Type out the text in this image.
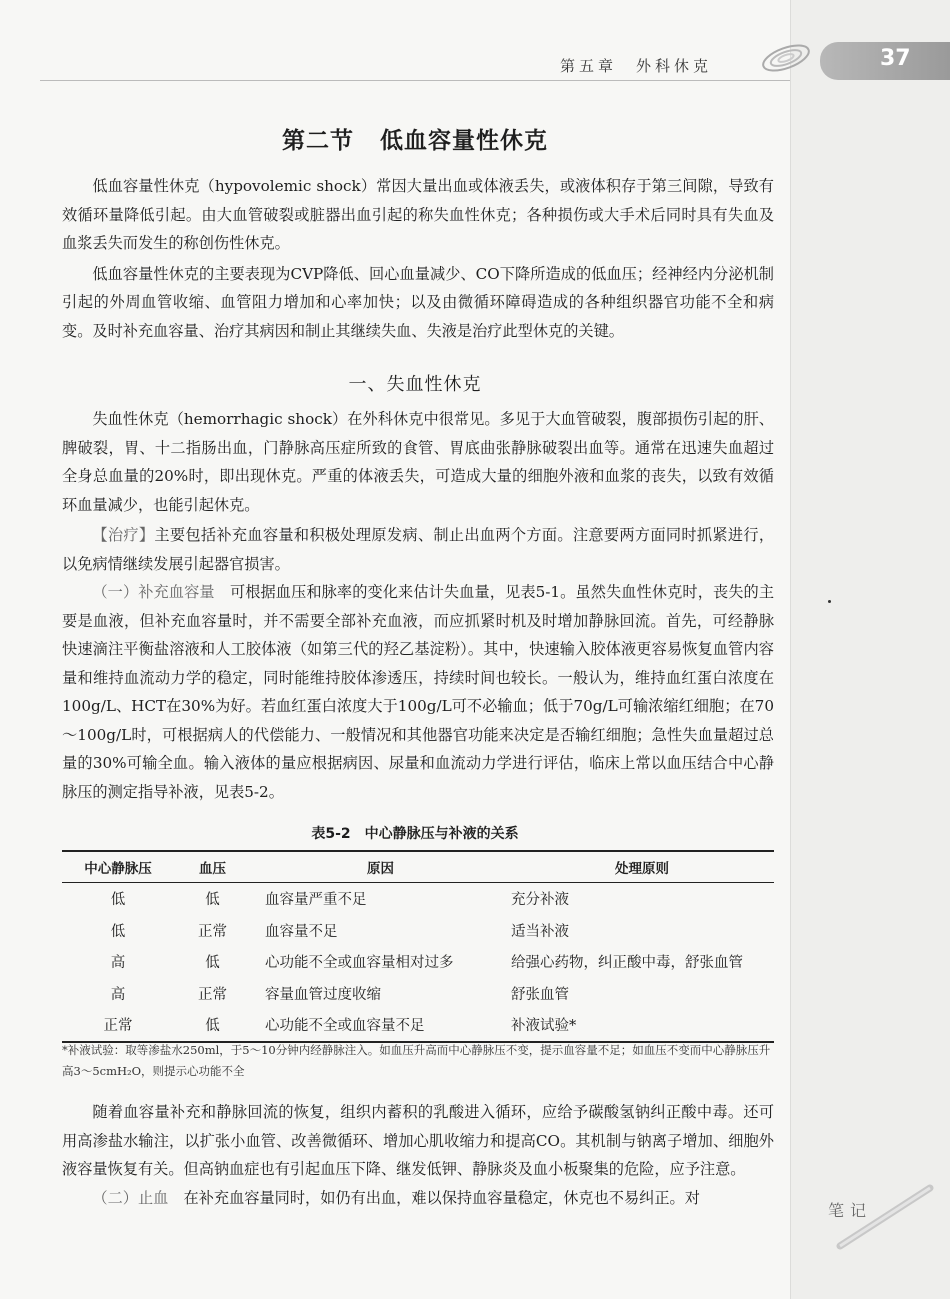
37
第五章　外科休克
第二节 低血容量性休克

低血容量性休克（hypovolemic shock）常因大量出血或体液丢失，或液体积存于第三间隙，导致有效循环量降低引起。由大血管破裂或脏器出血引起的称失血性休克；各种损伤或大手术后同时具有失血及血浆丢失而发生的称创伤性休克。

低血容量性休克的主要表现为CVP降低、回心血量减少、CO下降所造成的低血压；经神经内分泌机制引起的外周血管收缩、血管阻力增加和心率加快；以及由微循环障碍造成的各种组织器官功能不全和病变。及时补充血容量、治疗其病因和制止其继续失血、失液是治疗此型休克的关键。

一、失血性休克

失血性休克（hemorrhagic shock）在外科休克中很常见。多见于大血管破裂，腹部损伤引起的肝、脾破裂，胃、十二指肠出血，门静脉高压症所致的食管、胃底曲张静脉破裂出血等。通常在迅速失血超过全身总血量的20%时，即出现休克。严重的体液丢失，可造成大量的细胞外液和血浆的丧失，以致有效循环血量减少，也能引起休克。

【治疗】主要包括补充血容量和积极处理原发病、制止出血两个方面。注意要两方面同时抓紧进行，以免病情继续发展引起器官损害。

（一）补充血容量　 可根据血压和脉率的变化来估计失血量，见表5-1。虽然失血性休克时，丧失的主要是血液，但补充血容量时，并不需要全部补充血液，而应抓紧时机及时增加静脉回流。首先，可经静脉快速滴注平衡盐溶液和人工胶体液（如第三代的羟乙基淀粉）。其中，快速输入胶体液更容易恢复血管内容量和维持血流动力学的稳定，同时能维持胶体渗透压，持续时间也较长。一般认为，维持血红蛋白浓度在100g/L、HCT在30%为好。若血红蛋白浓度大于100g/L可不必输血；低于70g/L可输浓缩红细胞；在70～100g/L时，可根据病人的代偿能力、一般情况和其他器官功能来决定是否输红细胞；急性失血量超过总量的30%可输全血。输入液体的量应根据病因、尿量和血流动力学进行评估，临床上常以血压结合中心静脉压的测定指导补液，见表5-2。

表5-2　中心静脉压与补液的关系
中心静脉压	血压	原因	处理原则
低	低	血容量严重不足	充分补液
低	正常	血容量不足	适当补液
高	低	心功能不全或血容量相对过多	给强心药物，纠正酸中毒，舒张血管
高	正常	容量血管过度收缩	舒张血管
正常	低	心功能不全或血容量不足	补液试验*
*补液试验：取等渗盐水250ml，于5～10分钟内经静脉注入。如血压升高而中心静脉压不变，提示血容量不足；如血压不变而中心静脉压升高3～5cmH₂O，则提示心功能不全

随着血容量补充和静脉回流的恢复，组织内蓄积的乳酸进入循环，应给予碳酸氢钠纠正酸中毒。还可用高渗盐水输注，以扩张小血管、改善微循环、增加心肌收缩力和提高CO。其机制与钠离子增加、细胞外液容量恢复有关。但高钠血症也有引起血压下降、继发低钾、静脉炎及血小板聚集的危险，应予注意。

（二）止血　 在补充血容量同时，如仍有出血，难以保持血容量稳定，休克也不易纠正。对

笔记
